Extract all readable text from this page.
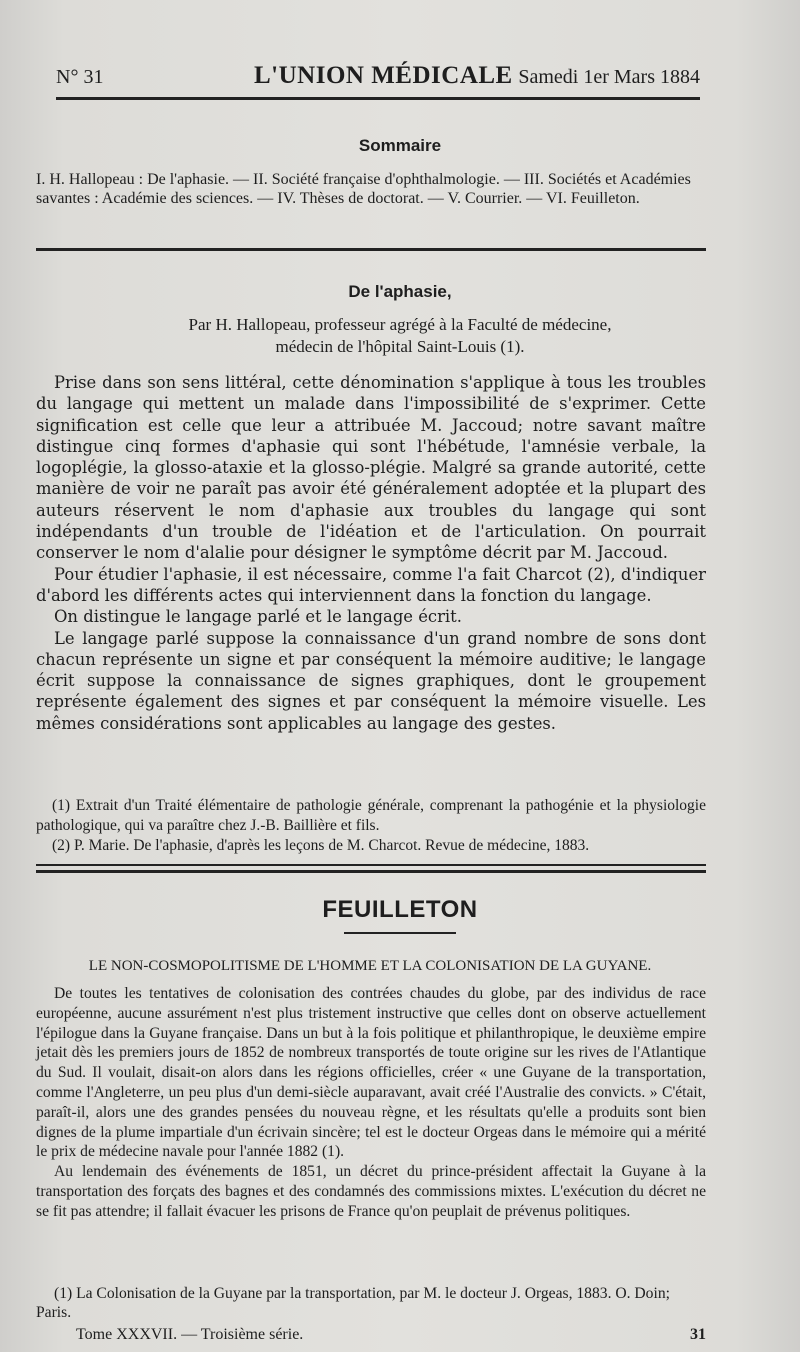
N° 31	L'UNION MÉDICALE Samedi 1er Mars 1884
Sommaire
I. H. Hallopeau : De l'aphasie. — II. Société française d'ophthalmologie. — III. Sociétés et Académies savantes : Académie des sciences. — IV. Thèses de doctorat. — V. Courrier. — VI. Feuilleton.
De l'aphasie,
Par H. Hallopeau, professeur agrégé à la Faculté de médecine,
médecin de l'hôpital Saint-Louis (1).

Prise dans son sens littéral, cette dénomination s'applique à tous les troubles du langage qui mettent un malade dans l'impossibilité de s'exprimer. Cette signification est celle que leur a attribuée M. Jaccoud; notre savant maître distingue cinq formes d'aphasie qui sont l'hébétude, l'amnésie verbale, la logoplégie, la glosso-ataxie et la glosso-plégie. Malgré sa grande autorité, cette manière de voir ne paraît pas avoir été généralement adoptée et la plupart des auteurs réservent le nom d'aphasie aux troubles du langage qui sont indépendants d'un trouble de l'idéation et de l'articulation. On pourrait conserver le nom d'alalie pour désigner le symptôme décrit par M. Jaccoud.

Pour étudier l'aphasie, il est nécessaire, comme l'a fait Charcot (2), d'indiquer d'abord les différents actes qui interviennent dans la fonction du langage.

On distingue le langage parlé et le langage écrit.

Le langage parlé suppose la connaissance d'un grand nombre de sons dont chacun représente un signe et par conséquent la mémoire auditive; le langage écrit suppose la connaissance de signes graphiques, dont le groupement représente également des signes et par conséquent la mémoire visuelle. Les mêmes considérations sont applicables au langage des gestes.

(1) Extrait d'un Traité élémentaire de pathologie générale, comprenant la pathogénie et la physiologie pathologique, qui va paraître chez J.-B. Baillière et fils.

(2) P. Marie. De l'aphasie, d'après les leçons de M. Charcot. Revue de médecine, 1883.

FEUILLETON
LE NON-COSMOPOLITISME DE L'HOMME ET LA COLONISATION DE LA GUYANE.

De toutes les tentatives de colonisation des contrées chaudes du globe, par des individus de race européenne, aucune assurément n'est plus tristement instructive que celles dont on observe actuellement l'épilogue dans la Guyane française. Dans un but à la fois politique et philanthropique, le deuxième empire jetait dès les premiers jours de 1852 de nombreux transportés de toute origine sur les rives de l'Atlantique du Sud. Il voulait, disait-on alors dans les régions officielles, créer « une Guyane de la transportation, comme l'Angleterre, un peu plus d'un demi-siècle auparavant, avait créé l'Australie des convicts. » C'était, paraît-il, alors une des grandes pensées du nouveau règne, et les résultats qu'elle a produits sont bien dignes de la plume impartiale d'un écrivain sincère; tel est le docteur Orgeas dans le mémoire qui a mérité le prix de médecine navale pour l'année 1882 (1).

Au lendemain des événements de 1851, un décret du prince-président affectait la Guyane à la transportation des forçats des bagnes et des condamnés des commissions mixtes. L'exécution du décret ne se fit pas attendre; il fallait évacuer les prisons de France qu'on peuplait de prévenus politiques.

(1) La Colonisation de la Guyane par la transportation, par M. le docteur J. Orgeas, 1883. O. Doin; Paris.

Tome XXXVII. — Troisième série.	31
